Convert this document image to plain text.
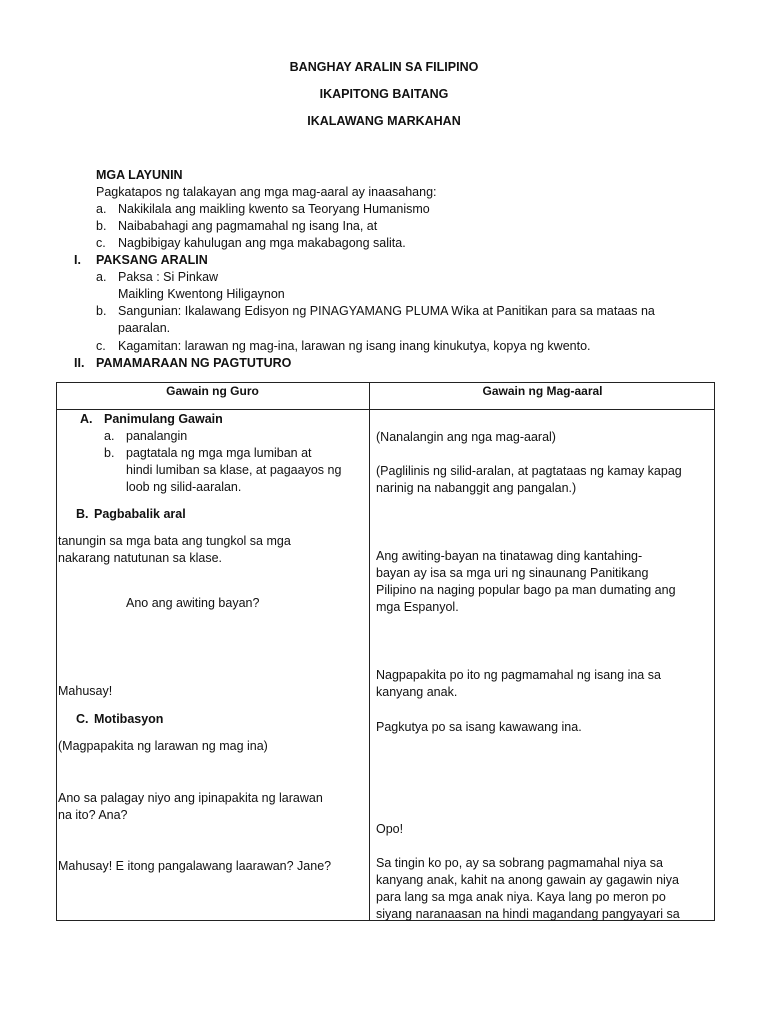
BANGHAY ARALIN SA FILIPINO
IKAPITONG BAITANG
IKALAWANG MARKAHAN
MGA LAYUNIN
Pagkatapos ng talakayan ang mga mag-aaral ay inaasahang:
a. Nakikilala ang maikling kwento sa Teoryang Humanismo
b. Naibabahagi ang pagmamahal ng isang Ina, at
c. Nagbibigay kahulugan ang mga makabagong salita.
I. PAKSANG ARALIN
a. Paksa : Si Pinkaw
Maikling Kwentong Hiligaynon
b. Sangunian: Ikalawang Edisyon ng PINAGYAMANG PLUMA Wika at Panitikan para sa mataas na
paaralan.
c. Kagamitan: larawan ng mag-ina, larawan ng isang inang kinukutya, kopya ng kwento.
II. PAMAMARAAN NG PAGTUTURO
Gawain ng Guro	Gawain ng Mag-aaral
A. Panimulang Gawain
a. panalangin
b. pagtatala ng mga mga lumiban at
hindi lumiban sa klase, at pagaayos ng
loob ng silid-aaralan.
B. Pagbabalik aral
tanungin sa mga bata ang tungkol sa mga
nakarang natutunan sa klase.
Ano ang awiting bayan?
Mahusay!
C. Motibasyon
(Magpapakita ng larawan ng mag ina)
Ano sa palagay niyo ang ipinapakita ng larawan
na ito? Ana?
Mahusay! E itong pangalawang laarawan? Jane?
(Nanalangin ang nga mag-aaral)
(Paglilinis ng silid-aralan, at pagtataas ng kamay kapag
narinig na nabanggit ang pangalan.)
Ang awiting-bayan na tinatawag ding kantahing-
bayan ay isa sa mga uri ng sinaunang Panitikang
Pilipino na naging popular bago pa man dumating ang
mga Espanyol.
Nagpapakita po ito ng pagmamahal ng isang ina sa
kanyang anak.
Pagkutya po sa isang kawawang ina.
Opo!
Sa tingin ko po, ay sa sobrang pagmamahal niya sa
kanyang anak, kahit na anong gawain ay gagawin niya
para lang sa mga anak niya. Kaya lang po meron po
siyang naranaasan na hindi magandang pangyayari sa
